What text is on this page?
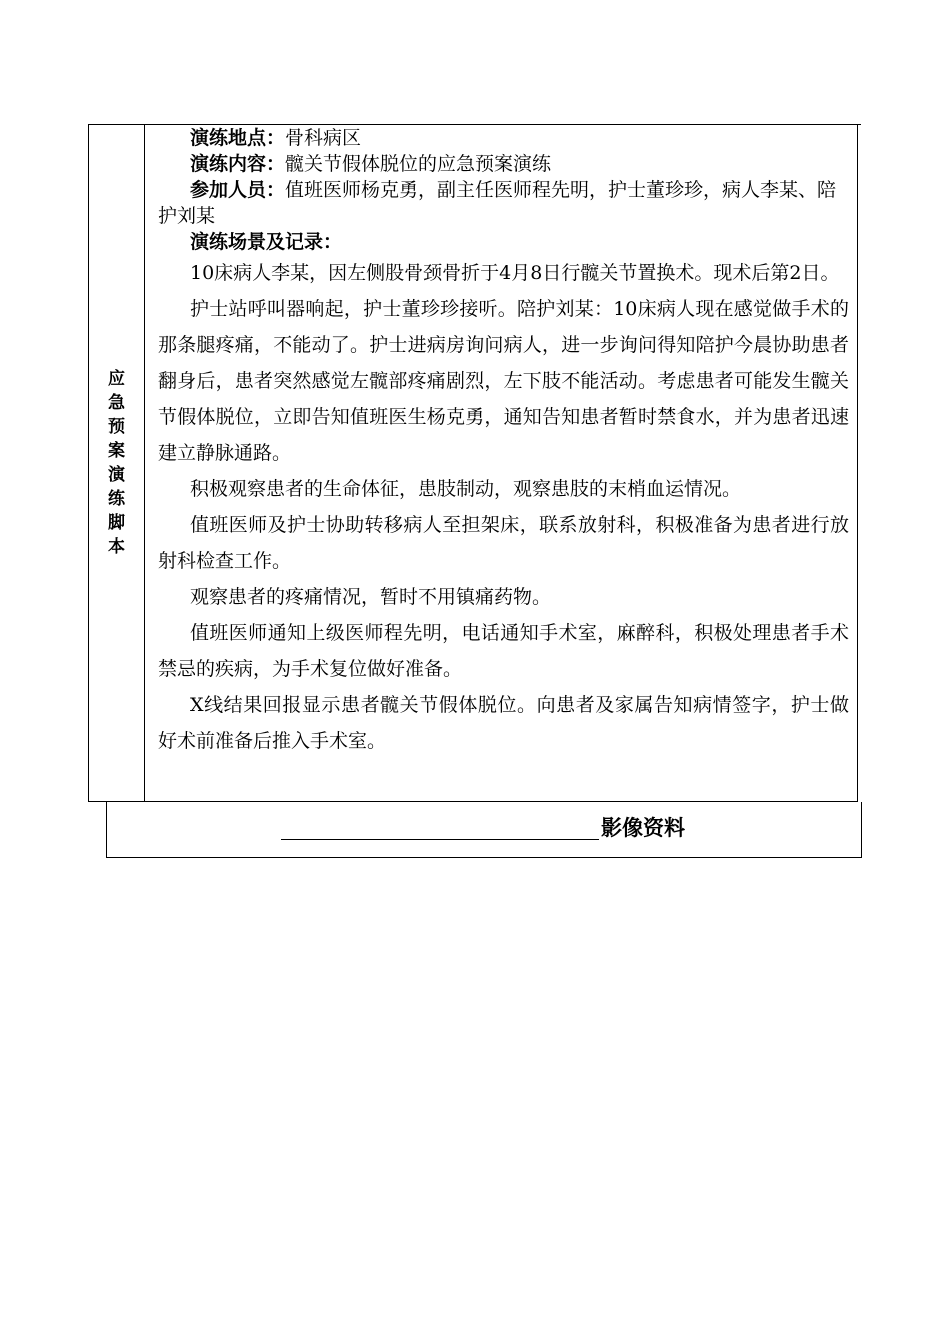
应
急
预
案
演
练
脚
本

演练地点：骨科病区

演练内容：髋关节假体脱位的应急预案演练

参加人员：值班医师杨克勇，副主任医师程先明，护士董珍珍，病人李某、陪护刘某

演练场景及记录：

10床病人李某，因左侧股骨颈骨折于4月8日行髋关节置换术。现术后第2日。

护士站呼叫器响起，护士董珍珍接听。陪护刘某：10床病人现在感觉做手术的那条腿疼痛，不能动了。护士进病房询问病人，进一步询问得知陪护今晨协助患者翻身后，患者突然感觉左髋部疼痛剧烈，左下肢不能活动。考虑患者可能发生髋关节假体脱位，立即告知值班医生杨克勇，通知告知患者暂时禁食水，并为患者迅速建立静脉通路。

积极观察患者的生命体征，患肢制动，观察患肢的末梢血运情况。

值班医师及护士协助转移病人至担架床，联系放射科，积极准备为患者进行放射科检查工作。

观察患者的疼痛情况，暂时不用镇痛药物。

值班医师通知上级医师程先明，电话通知手术室，麻醉科，积极处理患者手术禁忌的疾病，为手术复位做好准备。

X线结果回报显示患者髋关节假体脱位。向患者及家属告知病情签字，护士做好术前准备后推入手术室。

影像资料
